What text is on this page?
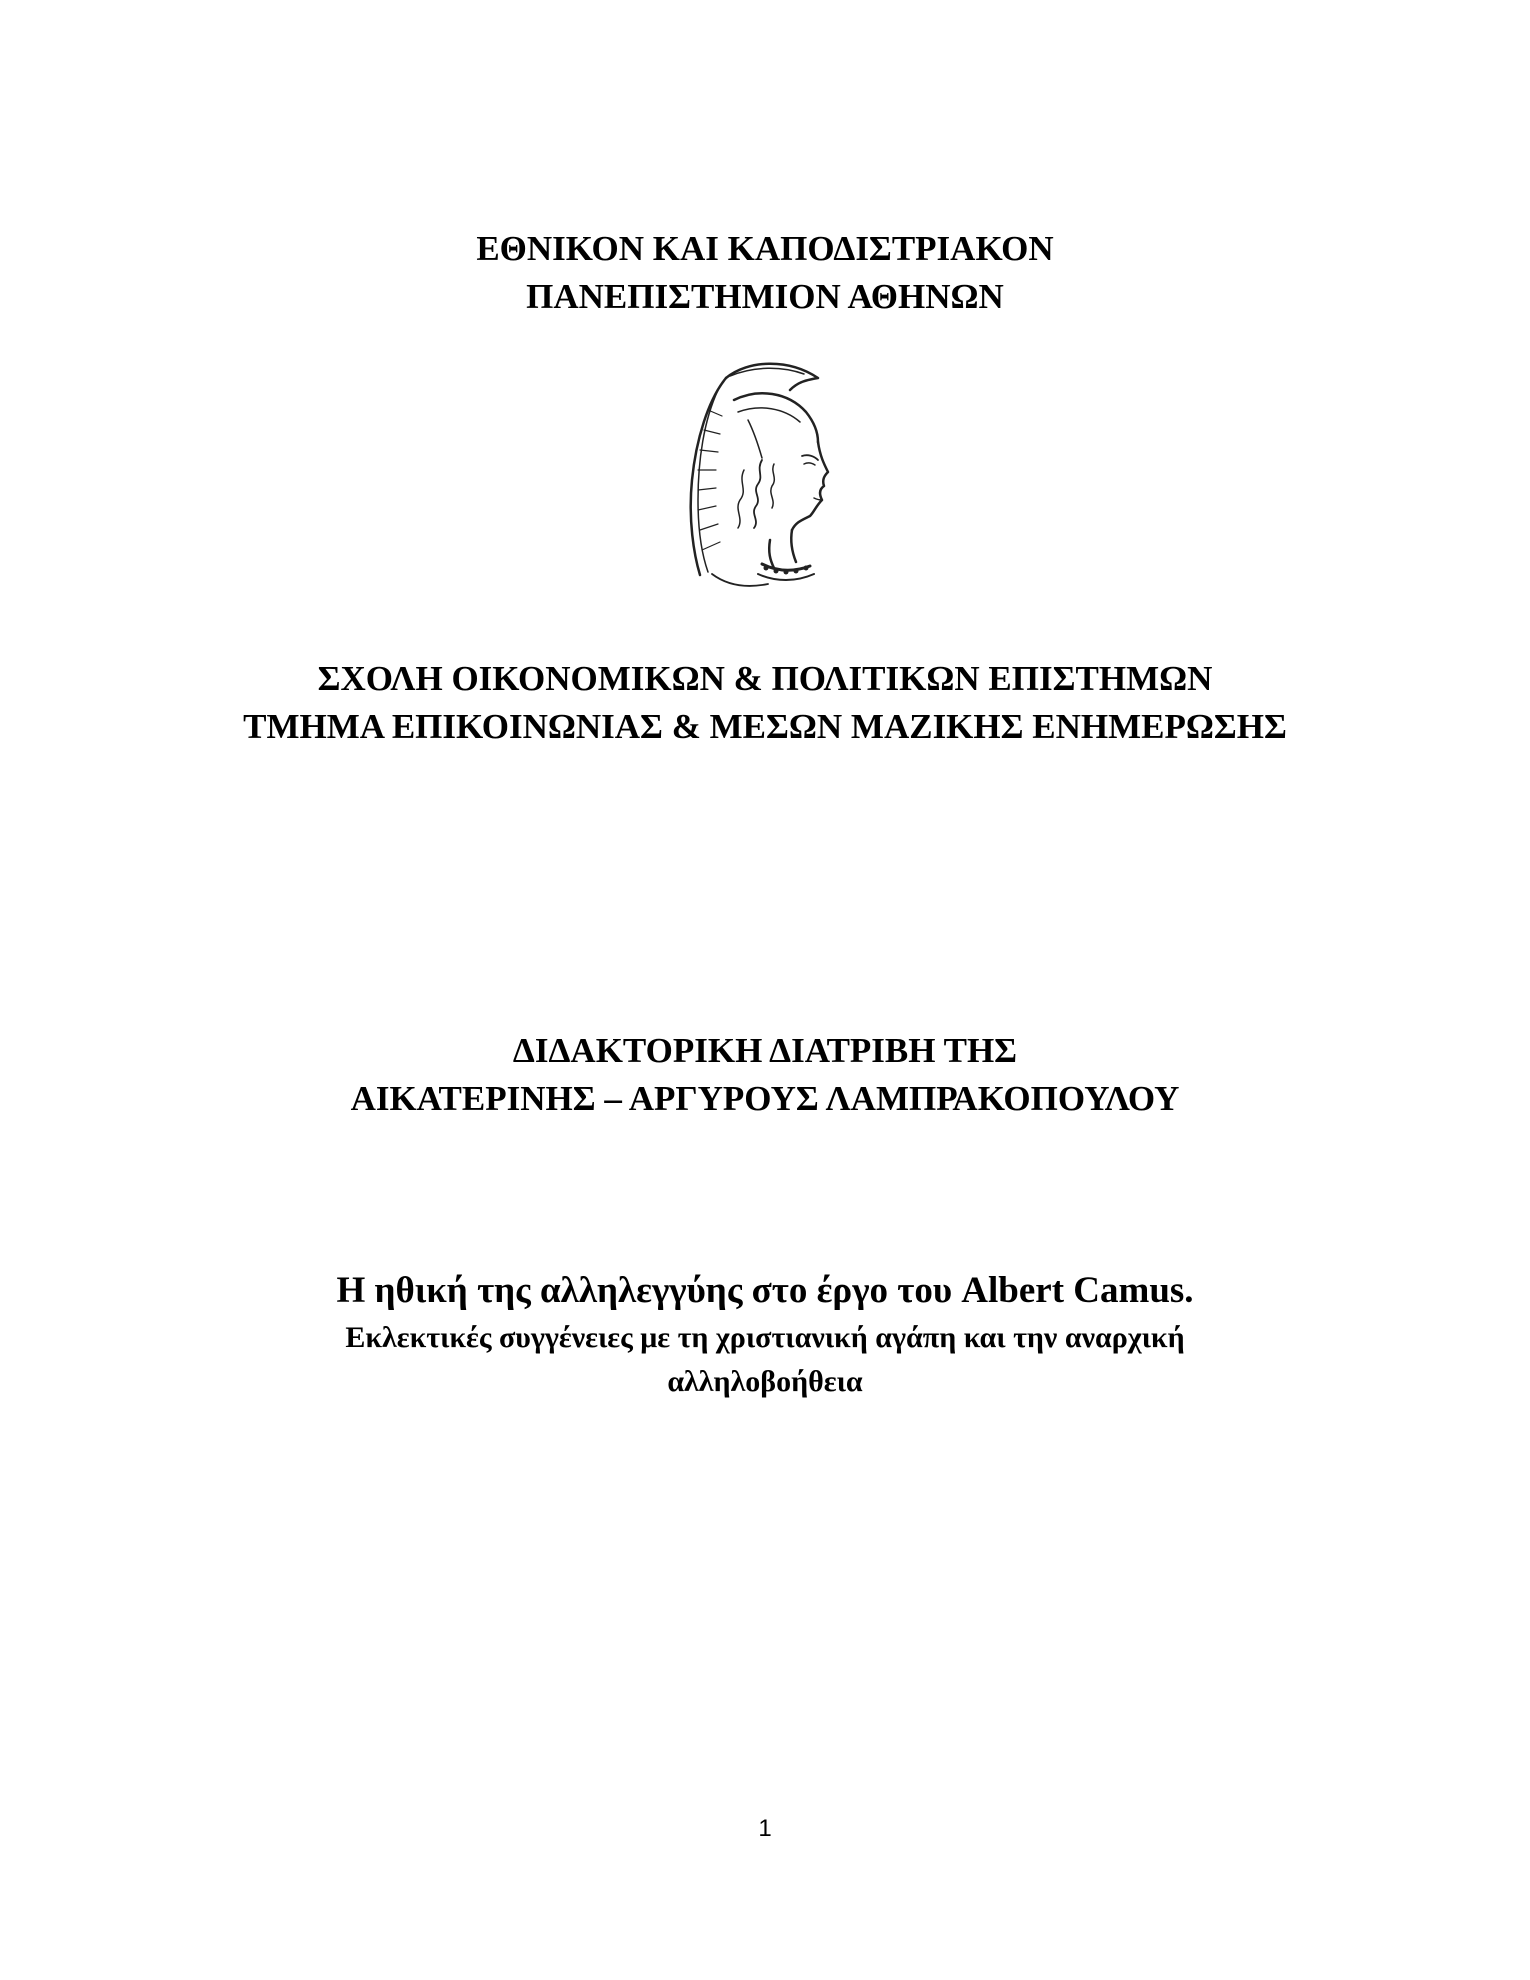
ΕΘΝΙΚΟΝ ΚΑΙ ΚΑΠΟΔΙΣΤΡΙΑΚΟΝ
ΠΑΝΕΠΙΣΤΗΜΙΟΝ ΑΘΗΝΩΝ
ΣΧΟΛΗ ΟΙΚΟΝΟΜΙΚΩΝ & ΠΟΛΙΤΙΚΩΝ ΕΠΙΣΤΗΜΩΝ
ΤΜΗΜΑ ΕΠΙΚΟΙΝΩΝΙΑΣ & ΜΕΣΩΝ ΜΑΖΙΚΗΣ ΕΝΗΜΕΡΩΣΗΣ
ΔΙΔΑΚΤΟΡΙΚΗ ΔΙΑΤΡΙΒΗ ΤΗΣ
ΑΙΚΑΤΕΡΙΝΗΣ – ΑΡΓΥΡΟΥΣ ΛΑΜΠΡΑΚΟΠΟΥΛΟΥ
Η ηθική της αλληλεγγύης στο έργο του Albert Camus.
Εκλεκτικές συγγένειες με τη χριστιανική αγάπη και την αναρχική
αλληλοβοήθεια
1
